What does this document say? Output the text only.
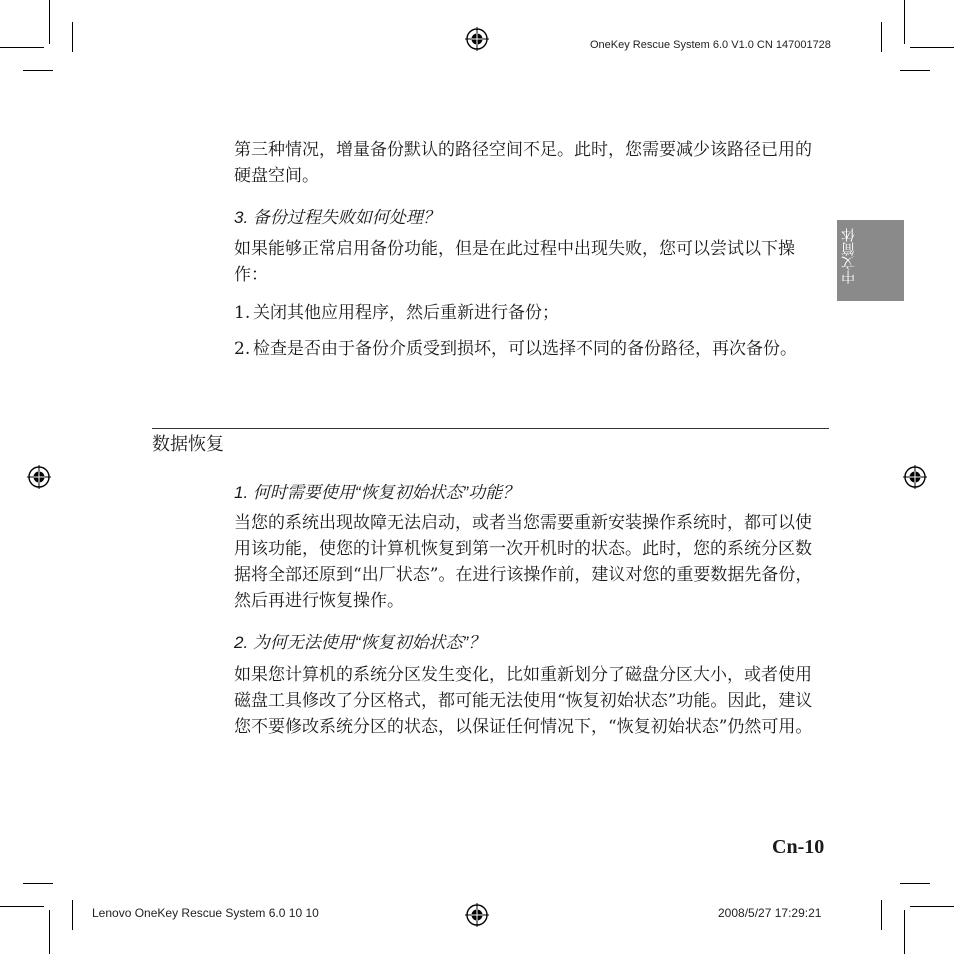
OneKey Rescue System 6.0 V1.0 CN 147001728
中文简体
第三种情况，增量备份默认的路径空间不足。此时，您需要减少该路径已用的硬盘空间。
3. 备份过程失败如何处理？
如果能够正常启用备份功能，但是在此过程中出现失败，您可以尝试以下操作：
1. 关闭其他应用程序，然后重新进行备份；
2. 检查是否由于备份介质受到损坏，可以选择不同的备份路径，再次备份。
数据恢复
1. 何时需要使用“恢复初始状态”功能？
当您的系统出现故障无法启动，或者当您需要重新安装操作系统时，都可以使用该功能，使您的计算机恢复到第一次开机时的状态。此时，您的系统分区数据将全部还原到“出厂状态”。在进行该操作前，建议对您的重要数据先备份，然后再进行恢复操作。
2. 为何无法使用“恢复初始状态”？
如果您计算机的系统分区发生变化，比如重新划分了磁盘分区大小，或者使用磁盘工具修改了分区格式，都可能无法使用“恢复初始状态”功能。因此，建议您不要修改系统分区的状态，以保证任何情况下，“恢复初始状态”仍然可用。
Cn-10
Lenovo OneKey Rescue System 6.0 10 10	2008/5/27 17:29:21
